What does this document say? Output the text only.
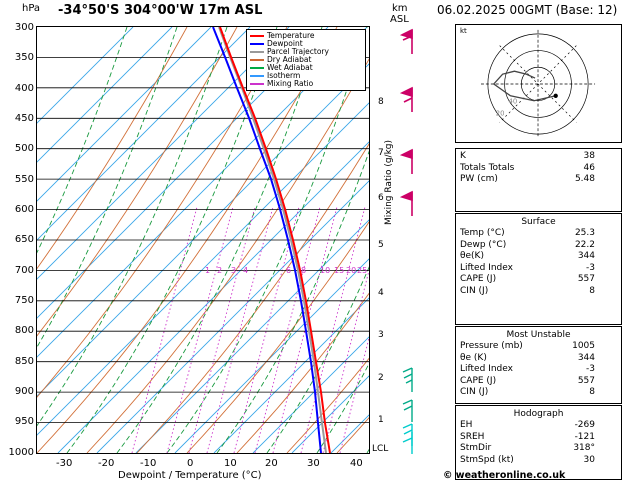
hPa -34°50'S 304°00'W 17m ASL	km
ASL
06.02.2025 00GMT (Base: 12)
300
350
400
450
500
550
600
650
700
750
800
850
900
950
1000
-30	-20	-10	0	10	20	30	40
Dewpoint / Temperature (°C)
8
7
6
5
4
3
2
1
LCL
Mixing Ratio (g/kg)
1 2 3 4	6 8 10 15 20 25
Temperature
Dewpoint
Parcel Trajectory
Dry Adiabat
Wet Adiabat
Isotherm
Mixing Ratio
kt
20
40
K	38
Totals Totals	46
PW (cm)	5.48
Surface
Temp (°C)	25.3
Dewp (°C)	22.2
θe(K)	344
Lifted Index	-3
CAPE (J)	557
CIN (J)	8
Most Unstable
Pressure (mb)	1005
θe (K)	344
Lifted Index	-3
CAPE (J)	557
CIN (J)	8
Hodograph
EH	-269
SREH	-121
StmDir	318°
StmSpd (kt)	30
© weatheronline.co.uk
